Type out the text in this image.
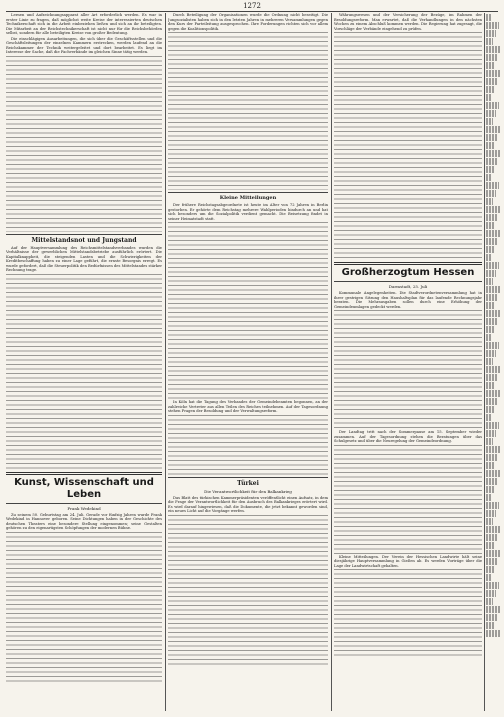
1272

Lernen und Aufzeichnungsapparat aller Art erforderlich werden. Es war in erster Linie zu fragen, daß möglichst weite Kreise der interessierten deutschen Technikerschaft sich in die Arbeit einbeziehen ließen und sich an ihr beteiligten. Die Mitarbeit an der Reichstechnikerschaft ist nicht nur für die Reichsbehörden selbst, sondern für alle beteiligten Kreise von großer Bedeutung.

Die einschlägigen Ausarbeitungen, die sich über die Geschäftsstellen und die Geschäftsleitungen der einzelnen Kammern erstrecken, werden laufend an die Reichskammer der Technik weitergeleitet und dort bearbeitet. Es liegt im Interesse der Sache, daß die Fachverbände im gleichen Sinne tätig werden.

Mittelstandsnot und Jungstand

Auf der Hauptversammlung des Reichsmittelstandsverbandes wurden die Verhältnisse der gewerblichen Mittelstandsbetriebe ausführlich erörtert. Die Kapitalknappheit, die steigenden Lasten und die Schwierigkeiten der Kreditbeschaffung haben zu einer Lage geführt, die ernste Besorgnis erregt. Es wurde gefordert, daß die Steuerpolitik den Bedürfnissen des Mittelstandes stärker Rechnung trage.

Kunst, Wissenschaft und Leben
Frank Wedekind

Zu seinem 50. Geburtstag am 24. Juli. Gerade vor fünfzig Jahren wurde Frank Wedekind in Hannover geboren. Seine Dichtungen haben in der Geschichte des deutschen Theaters eine besondere Stellung eingenommen; seine Gestalten gehören zu den eigenartigsten Schöpfungen der modernen Bühne.

Durch Beteiligung der Organisationen wurde die Ordnung nicht beseitigt. Die Jungsozialisten haben sich in den letzten Jahren in mehreren Versammlungen gegen den Kurs der Parteileitung ausgesprochen. Ihre Forderungen richten sich vor allem gegen die Koalitionspolitik.

Kleine Mitteilungen

Der frühere Reichstagsabgeordnete ist heute im Alter von 72 Jahren in Berlin gestorben. Er gehörte dem Reichstag mehrere Wahlperioden hindurch an und hat sich besonders um die Sozialpolitik verdient gemacht. Die Beisetzung findet in seiner Heimatstadt statt.

In Köln hat die Tagung des Verbandes der Gemeindebeamten begonnen, an der zahlreiche Vertreter aus allen Teilen des Reiches teilnehmen. Auf der Tagesordnung stehen Fragen der Besoldung und der Verwaltungsreform.

Türkei
Die Verantwortlichkeit für den Balkankrieg

Das Blatt des türkischen Kammerpräsidenten veröffentlicht einen Aufsatz, in dem die Frage der Verantwortlichkeit für den Ausbruch des Balkankrieges erörtert wird. Es wird darauf hingewiesen, daß die Dokumente, die jetzt bekannt geworden sind, ein neues Licht auf die Vorgänge werfen.

Währungswesen und der Versicherung der Bezüge, im Rahmen der Besoldungsreform. Man erwartet, daß die Verhandlungen in den nächsten Wochen zu einem Abschluß kommen werden. Die Regierung hat zugesagt, die Vorschläge der Verbände eingehend zu prüfen.

Großherzogtum Hessen
Darmstadt, 25. Juli

Kommunale Angelegenheiten. Die Stadtverordnetenversammlung hat in ihrer gestrigen Sitzung den Haushaltsplan für das laufende Rechnungsjahr beraten. Die Mehrausgaben sollen durch eine Erhöhung der Gemeindeumlagen gedeckt werden.

Der Landtag tritt nach der Sommerpause am 15. September wieder zusammen. Auf der Tagesordnung stehen die Beratungen über das Schulgesetz und über die Neuregelung der Gemeindeordnung.

Kleine Mitteilungen. Der Verein der Hessischen Landwirte hält seine diesjährige Hauptversammlung in Gießen ab. Es werden Vorträge über die Lage der Landwirtschaft gehalten.
